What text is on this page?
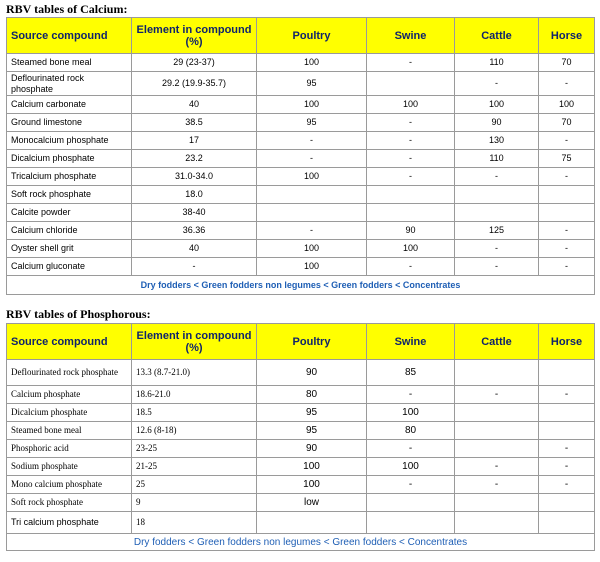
RBV tables of Calcium:
Source compound	Element in compound (%)	Poultry	Swine	Cattle	Horse
Steamed bone meal	29 (23-37)	100	-	110	70
Deflourinated rock phosphate	29.2 (19.9-35.7)	95		-	-
Calcium carbonate	40	100	100	100	100
Ground limestone	38.5	95	-	90	70
Monocalcium phosphate	17	-	-	130	-
Dicalcium phosphate	23.2	-	-	110	75
Tricalcium phosphate	31.0-34.0	100	-	-	-
Soft rock phosphate	18.0				
Calcite powder	38-40				
Calcium chloride	36.36	-	90	125	-
Oyster shell grit	40	100	100	-	-
Calcium gluconate	-	100	-	-	-
Dry fodders < Green fodders non legumes < Green fodders < Concentrates					
RBV tables of Phosphorous:
Source compound	Element in compound (%)	Poultry	Swine	Cattle	Horse
Deflourinated rock phosphate	13.3 (8.7-21.0)	90	85		
Calcium phosphate	18.6-21.0	80	-	-	-
Dicalcium phosphate	18.5	95	100		
Steamed bone meal	12.6 (8-18)	95	80		
Phosphoric acid	23-25	90	-		-
Sodium phosphate	21-25	100	100	-	-
Mono calcium phosphate	25	100	-	-	-
Soft rock phosphate	9	low			
Tri calcium phosphate	18				
Dry fodders < Green fodders non legumes < Green fodders < Concentrates					
